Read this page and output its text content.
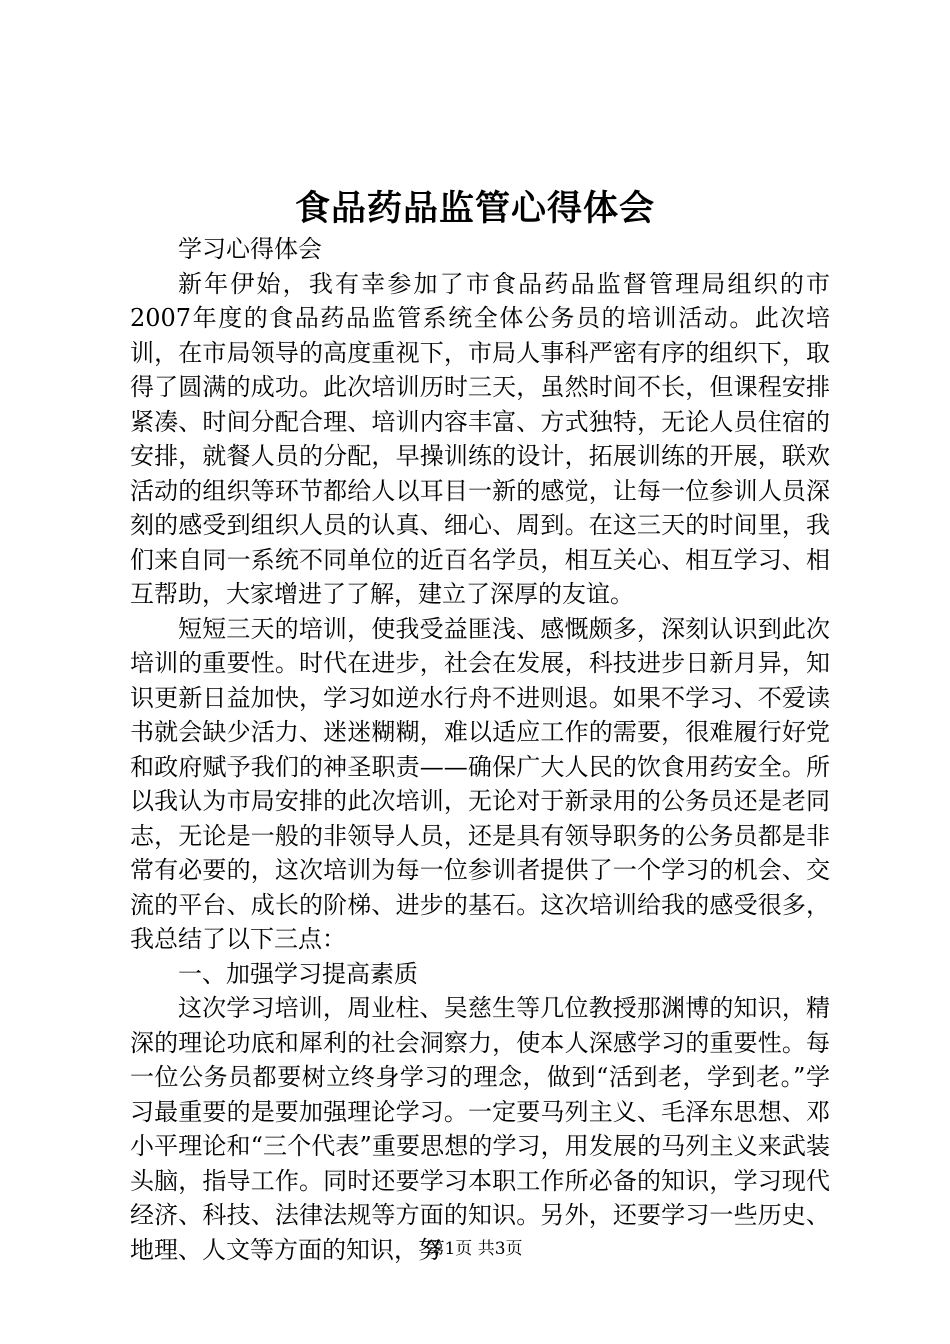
食品药品监管心得体会

学习心得体会

新年伊始，我有幸参加了市食品药品监督管理局组织的市2007年度的食品药品监管系统全体公务员的培训活动。此次培训，在市局领导的高度重视下，市局人事科严密有序的组织下，取得了圆满的成功。此次培训历时三天，虽然时间不长，但课程安排紧凑、时间分配合理、培训内容丰富、方式独特，无论人员住宿的安排，就餐人员的分配，早操训练的设计，拓展训练的开展，联欢活动的组织等环节都给人以耳目一新的感觉，让每一位参训人员深刻的感受到组织人员的认真、细心、周到。在这三天的时间里，我们来自同一系统不同单位的近百名学员，相互关心、相互学习、相互帮助，大家增进了了解，建立了深厚的友谊。

短短三天的培训，使我受益匪浅、感慨颇多，深刻认识到此次培训的重要性。时代在进步，社会在发展，科技进步日新月异，知识更新日益加快，学习如逆水行舟不进则退。如果不学习、不爱读书就会缺少活力、迷迷糊糊，难以适应工作的需要，很难履行好党和政府赋予我们的神圣职责——确保广大人民的饮食用药安全。所以我认为市局安排的此次培训，无论对于新录用的公务员还是老同志，无论是一般的非领导人员，还是具有领导职务的公务员都是非常有必要的，这次培训为每一位参训者提供了一个学习的机会、交流的平台、成长的阶梯、进步的基石。这次培训给我的感受很多，我总结了以下三点：

一、加强学习提高素质

这次学习培训，周业柱、吴慈生等几位教授那渊博的知识，精深的理论功底和犀利的社会洞察力，使本人深感学习的重要性。每一位公务员都要树立终身学习的理念，做到“活到老，学到老。”学习最重要的是要加强理论学习。一定要马列主义、毛泽东思想、邓小平理论和“三个代表”重要思想的学习，用发展的马列主义来武装头脑，指导工作。同时还要学习本职工作所必备的知识，学习现代经济、科技、法律法规等方面的知识。另外，还要学习一些历史、地理、人文等方面的知识，努

第1页 共3页
